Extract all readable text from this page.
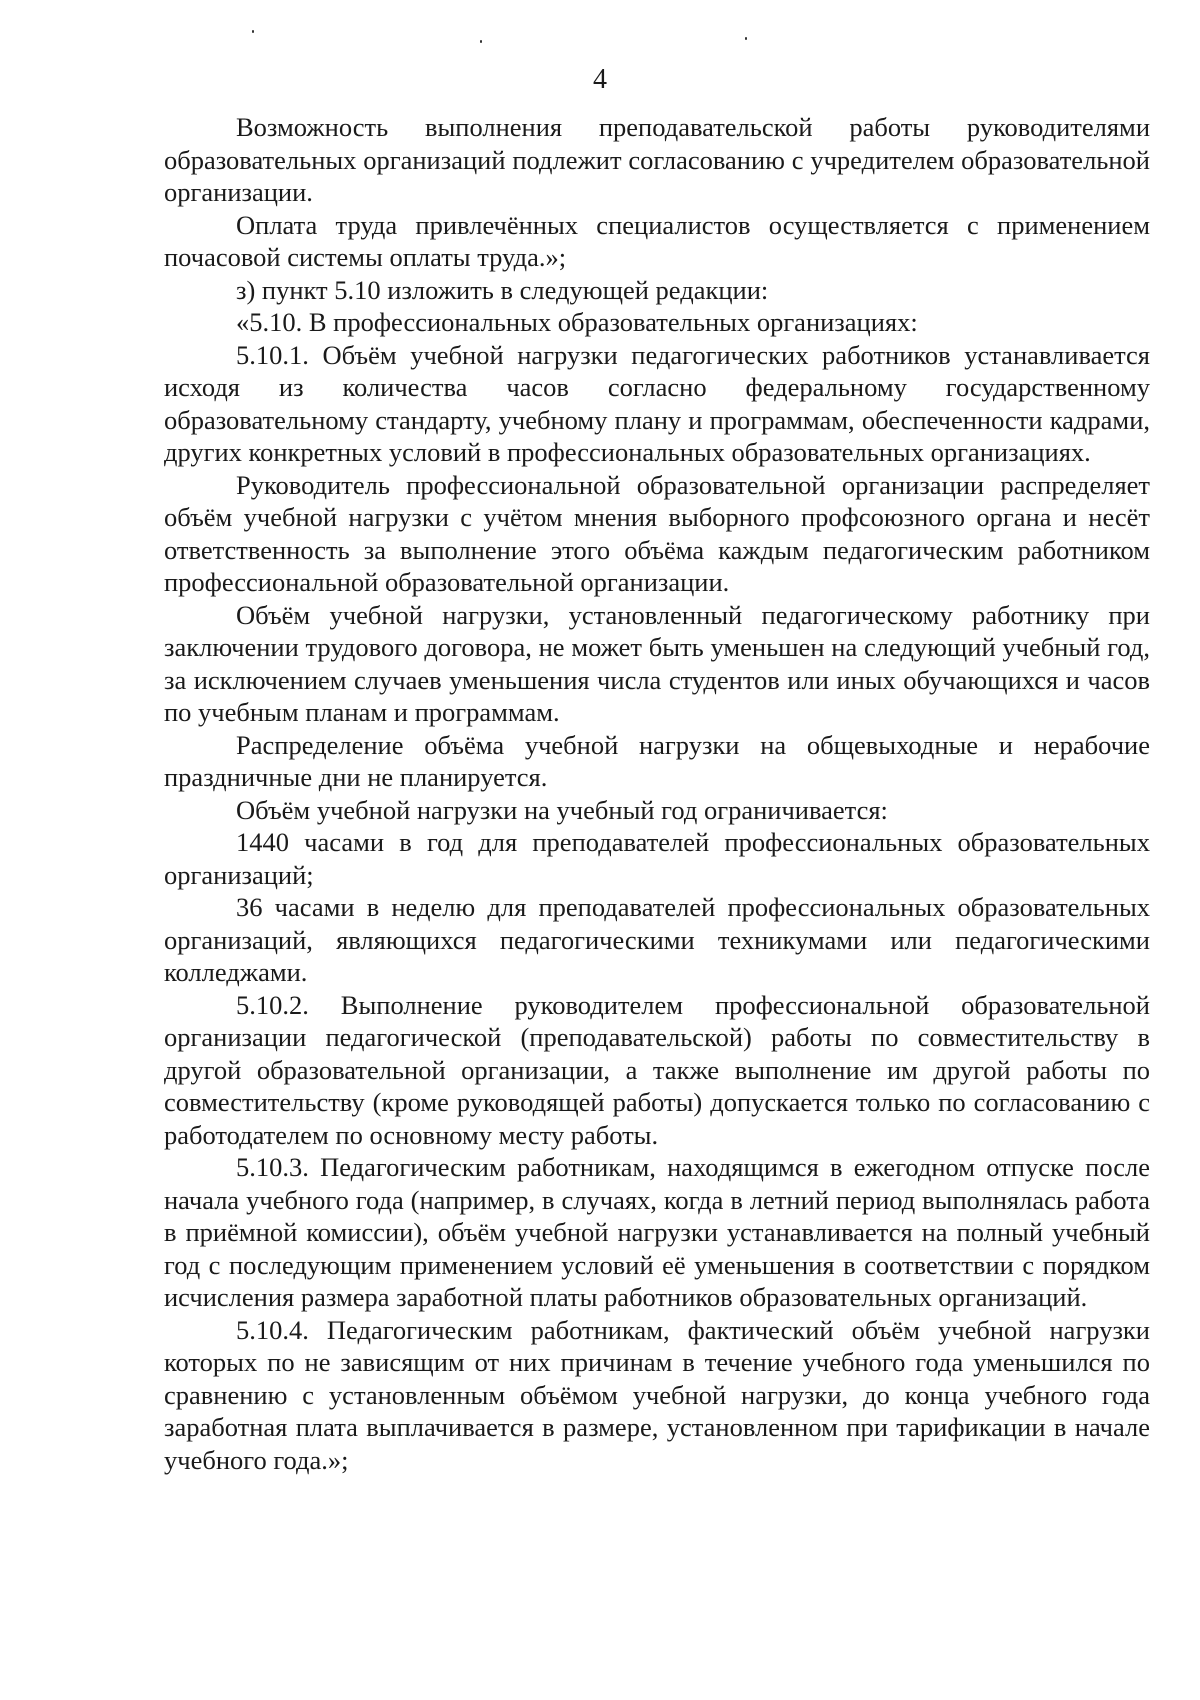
4

Возможность выполнения преподавательской работы руководителями образовательных организаций подлежит согласованию с учредителем образовательной организации.

Оплата труда привлечённых специалистов осуществляется с применением почасовой системы оплаты труда.»;

з) пункт 5.10 изложить в следующей редакции:

«5.10. В профессиональных образовательных организациях:

5.10.1. Объём учебной нагрузки педагогических работников устанавливается исходя из количества часов согласно федеральному государственному образовательному стандарту, учебному плану и программам, обеспеченности кадрами, других конкретных условий в профессиональных образовательных организациях.

Руководитель профессиональной образовательной организации распределяет объём учебной нагрузки с учётом мнения выборного профсоюзного органа и несёт ответственность за выполнение этого объёма каждым педагогическим работником профессиональной образовательной организации.

Объём учебной нагрузки, установленный педагогическому работнику при заключении трудового договора, не может быть уменьшен на следующий учебный год, за исключением случаев уменьшения числа студентов или иных обучающихся и часов по учебным планам и программам.

Распределение объёма учебной нагрузки на общевыходные и нерабочие праздничные дни не планируется.

Объём учебной нагрузки на учебный год ограничивается:

1440 часами в год для преподавателей профессиональных образовательных организаций;

36 часами в неделю для преподавателей профессиональных образовательных организаций, являющихся педагогическими техникумами или педагогическими колледжами.

5.10.2. Выполнение руководителем профессиональной образовательной организации педагогической (преподавательской) работы по совместительству в другой образовательной организации, а также выполнение им другой работы по совместительству (кроме руководящей работы) допускается только по согласованию с работодателем по основному месту работы.

5.10.3. Педагогическим работникам, находящимся в ежегодном отпуске после начала учебного года (например, в случаях, когда в летний период выполнялась работа в приёмной комиссии), объём учебной нагрузки устанавливается на полный учебный год с последующим применением условий её уменьшения в соответствии с порядком исчисления размера заработной платы работников образовательных организаций.

5.10.4. Педагогическим работникам, фактический объём учебной нагрузки которых по не зависящим от них причинам в течение учебного года уменьшился по сравнению с установленным объёмом учебной нагрузки, до конца учебного года заработная плата выплачивается в размере, установленном при тарификации в начале учебного года.»;
